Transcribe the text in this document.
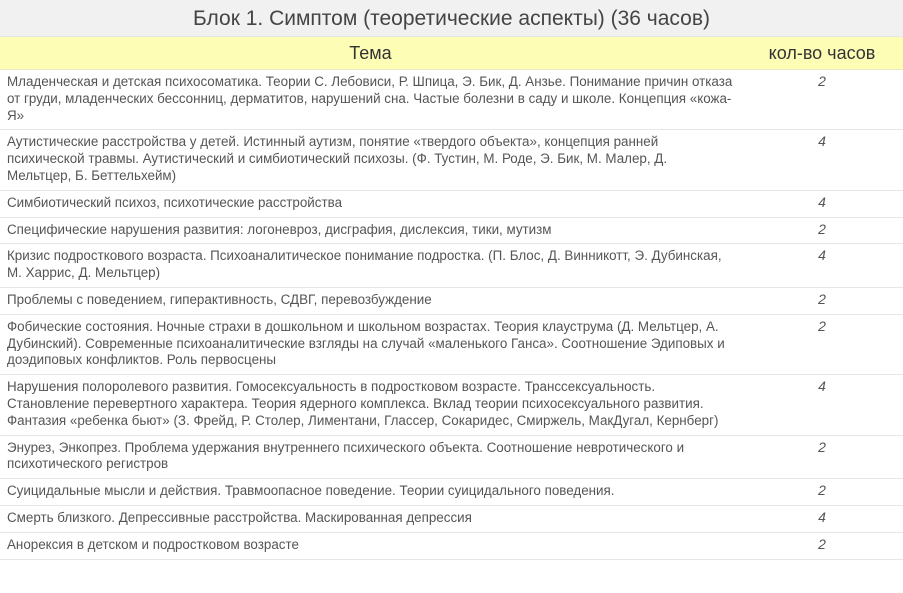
Блок 1. Симптом (теоретические аспекты) (36 часов)
Тема	кол-во часов
Младенческая и детская психосоматика. Теории С. Лебовиси, Р. Шпица, Э. Бик, Д. Анзье. Понимание причин отказа от груди, младенческих бессонниц, дерматитов, нарушений сна. Частые болезни в саду и школе. Концепция «кожа-Я»	2
Аутистические расстройства у детей. Истинный аутизм, понятие «твердого объекта», концепция ранней психической травмы. Аутистический и симбиотический психозы. (Ф. Тустин, М. Роде, Э. Бик, М. Малер, Д. Мельтцер, Б. Беттельхейм)	4
Симбиотический психоз, психотические расстройства	4
Специфические нарушения развития: логоневроз, дисграфия, дислексия, тики, мутизм	2
Кризис подросткового возраста. Психоаналитическое понимание подростка. (П. Блос, Д. Винникотт, Э. Дубинская, М. Харрис, Д. Мельтцер)	4
Проблемы с поведением, гиперактивность, СДВГ, перевозбуждение	2
Фобические состояния. Ночные страхи в дошкольном и школьном возрастах. Теория клауструма (Д. Мельтцер, А. Дубинский). Современные психоаналитические взгляды на случай «маленького Ганса». Соотношение Эдиповых и доэдиповых конфликтов. Роль первосцены	2
Нарушения полоролевого развития. Гомосексуальность в подростковом возрасте. Транссексуальность. Становление перевертного характера. Теория ядерного комплекса. Вклад теории психосексуального развития. Фантазия «ребенка бьют» (З. Фрейд, Р. Столер, Лиментани, Глассер, Сокаридес, Смиржель, МакДугал, Кернберг)	4
Энурез, Энкопрез. Проблема удержания внутреннего психического объекта. Соотношение невротического и психотического регистров	2
Суицидальные мысли и действия. Травмоопасное поведение. Теории суицидального поведения.	2
Смерть близкого. Депрессивные расстройства. Маскированная депрессия	4
Анорексия в детском и подростковом возрасте	2
